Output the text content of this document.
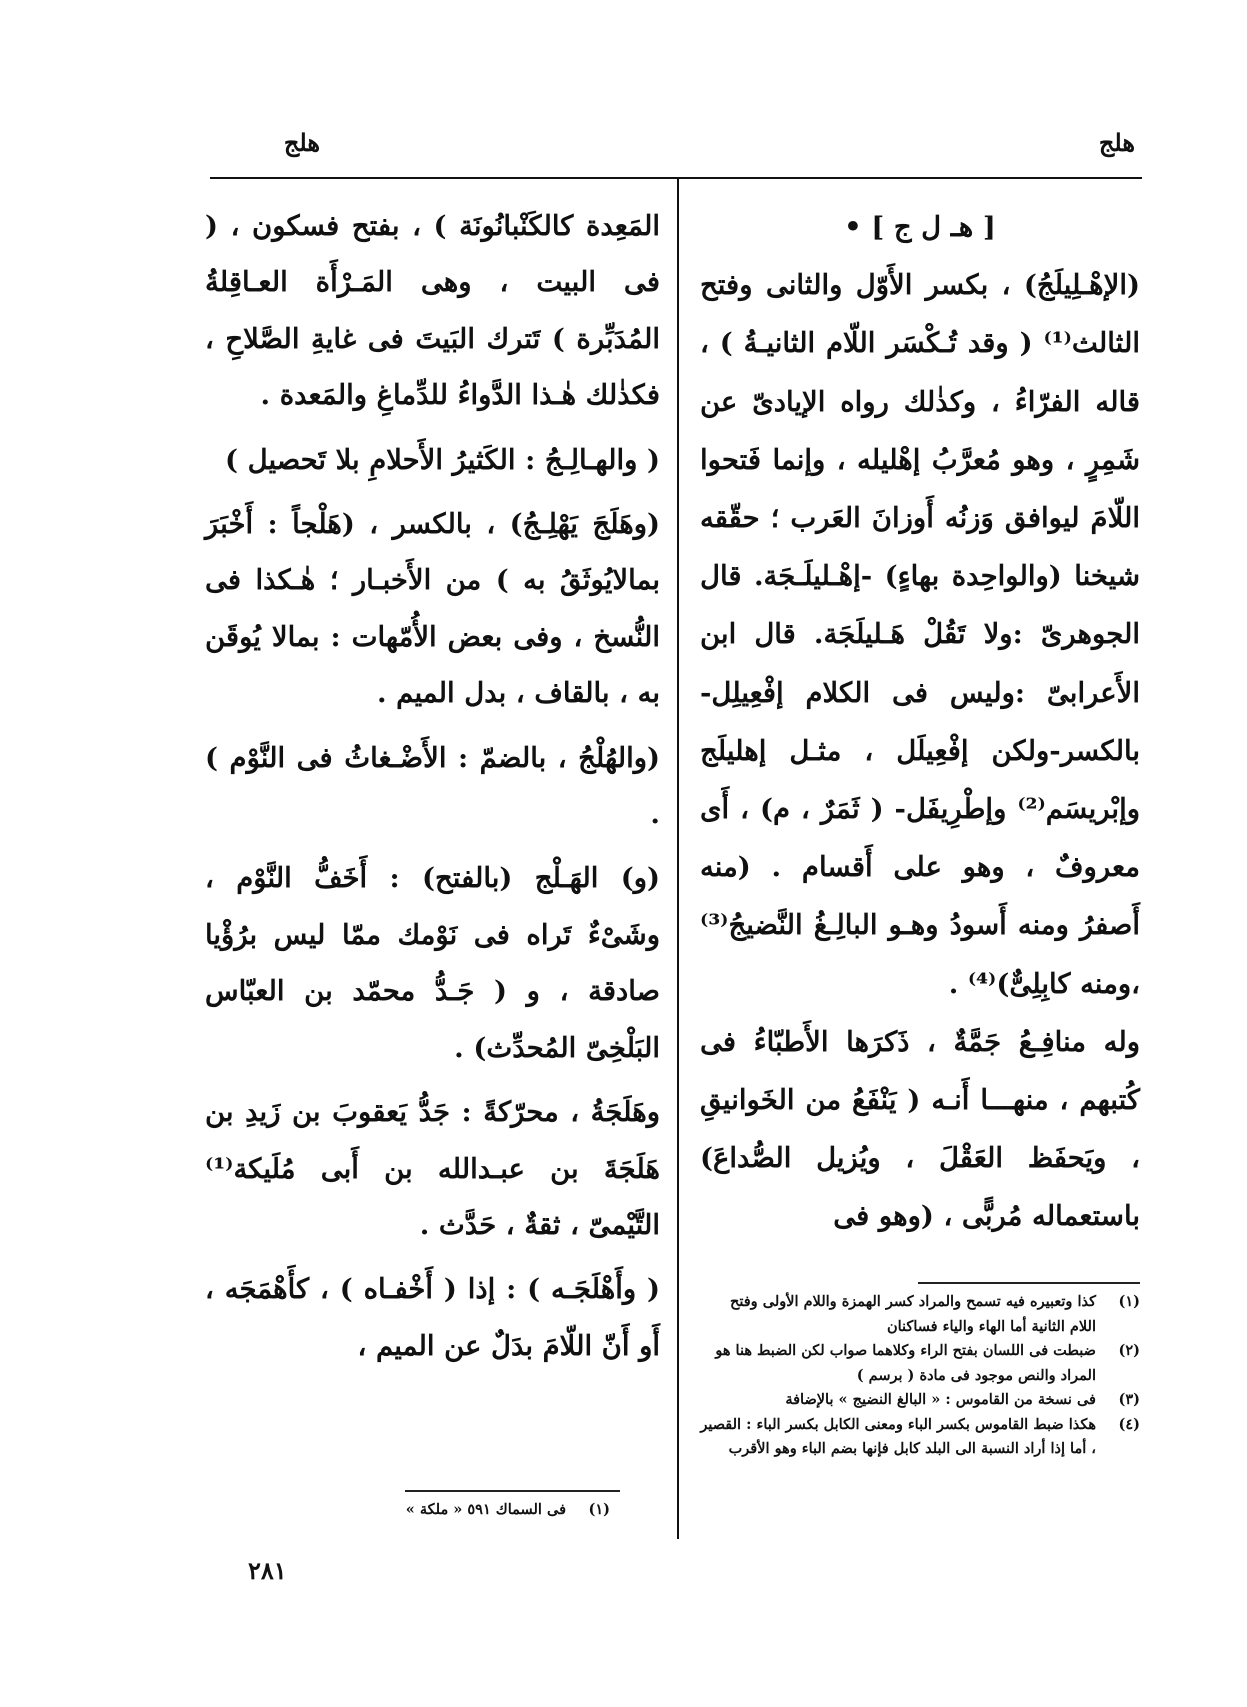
هلج
هلج

[ هـ ل ج ] •

(الإهْـلِيلَجُ) ، بكسر الأَوّل والثانى وفتح الثالث⁽¹⁾ ( وقد تُـكْسَر اللّام الثانيـةُ ) ، قاله الفرّاءُ ، وكذٰلك رواه الإيادىّ عن شَمِرٍ ، وهو مُعرَّبُ إهْليله ، وإنما فَتحوا اللّامَ ليوافق وَزنُه أَوزانَ العَرب ؛ حقّقه شيخنا (والواحِدة بهاءٍ) -إهْـليلَـجَة. قال الجوهرىّ :ولا تَقُلْ هَـليلَجَة. قال ابن الأَعرابىّ :وليس فى الكلام إفْعِيلِل-بالكسر-ولكن إفْعِيلَل ، مثـل إهليلَج وإبْريسَم⁽²⁾ وإطْرِيفَل- ( ثَمَرٌ ، م) ، أَى معروفٌ ، وهو على أَقسام . (منه أَصفرُ ومنه أَسودُ وهـو البالِـغُ النَّضيجُ⁽³⁾ ،ومنه كابِلِىٌّ)⁽⁴⁾ .

وله منافِـعُ جَمَّةٌ ، ذَكرَها الأَطبّاءُ فى كُتبهم ، منهـــا أَنـه ( يَنْفَعُ من الخَوانيقِ ، ويَحفَظ العَقْلَ ، ويُزيل الصُّداعَ) باستعماله مُربًّى ، (وهو فى

المَعِدة كالكَنْبانُونَة ) ، بفتح فسكون ، ( فى البيت ، وهى المَـرْأَة العـاقِلةُ المُدَبِّرة ) تَترك البَيتَ فى غايةِ الصَّلاحِ ، فكذٰلك هٰـذا الدَّواءُ للدِّماغِ والمَعدة .

( والهـالِـجُ : الكَثيرُ الأَحلامِ بلا تَحصيل )

(وهَلَجَ يَهْلِـجُ) ، بالكسر ، (هَلْجاً : أَخْبَرَ بمالايُوثَقُ به ) من الأَخبـار ؛ هٰـكذا فى النُّسخ ، وفى بعض الأُمّهات : بمالا يُوقَن به ، بالقاف ، بدل الميم .

(والهُلْجُ ، بالضمّ : الأَضْـغاثُ فى النَّوْم ) .

(و) الهَـلْج (بالفتح) : أَخَفُّ النَّوْم ، وشَىْءٌ تَراه فى نَوْمك ممّا ليس برُؤْيا صادقة ، و ( جَـدُّ محمّد بن العبّاس البَلْخِىّ المُحدِّث) .

وهَلَجَةُ ، محرّكةً : جَدُّ يَعقوبَ بن زَيدِ بن هَلَجَةَ بن عبـدالله بن أَبى مُلَيكة⁽¹⁾ التَّيْمىّ ، ثقةٌ ، حَدَّث .

( وأَهْلَجَـه ) : إذا ( أَخْفـاه ) ، كأَهْمَجَه ، أَو أَنّ اللّامَ بدَلٌ عن الميم ،

(١)
كذا وتعبيره فيه تسمح والمراد كسر الهمزة واللام الأولى وفتح اللام الثانية أما الهاء والياء فساكنان
(٢)
ضبطت فى اللسان بفتح الراء وكلاهما صواب لكن الضبط هنا هو المراد والنص موجود فى مادة ( برسم )
(٣)
فى نسخة من القاموس : « البالغ النضيج » بالإضافة
(٤)
هكذا ضبط القاموس بكسر الباء ومعنى الكابل بكسر الباء : القصير ، أما إذا أراد النسبة الى البلد كابل فإنها بضم الباء وهو الأقرب
(١)
فى السماك ٥٩١ « ملكة »
٢٨١
